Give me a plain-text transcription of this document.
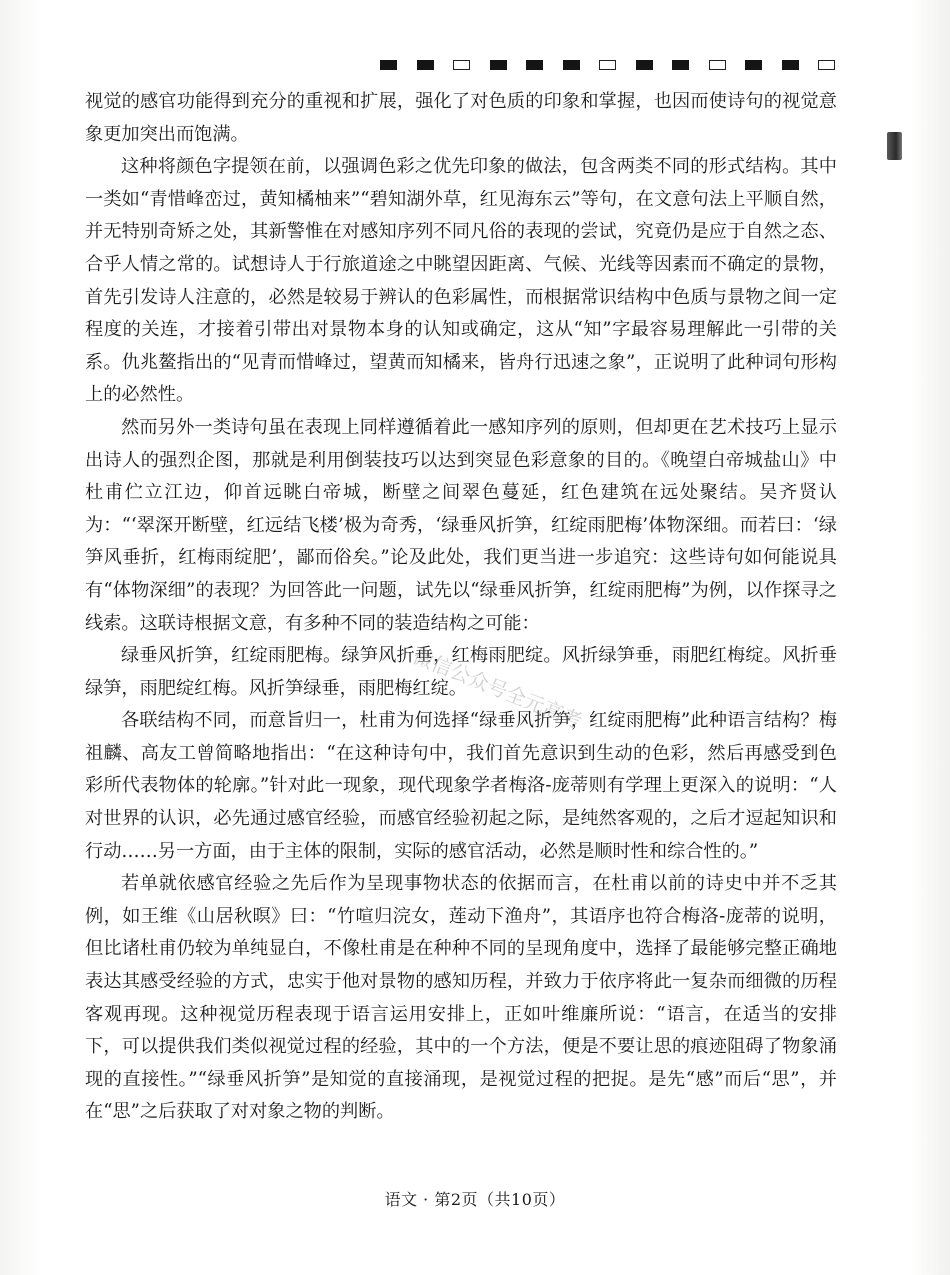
视觉的感官功能得到充分的重视和扩展，强化了对色质的印象和掌握，也因而使诗句的视觉意象更加突出而饱满。

这种将颜色字提领在前，以强调色彩之优先印象的做法，包含两类不同的形式结构。其中一类如“青惜峰峦过，黄知橘柚来”“碧知湖外草，红见海东云”等句，在文意句法上平顺自然，并无特别奇矫之处，其新警惟在对感知序列不同凡俗的表现的尝试，究竟仍是应于自然之态、合乎人情之常的。试想诗人于行旅道途之中眺望因距离、气候、光线等因素而不确定的景物，首先引发诗人注意的，必然是较易于辨认的色彩属性，而根据常识结构中色质与景物之间一定程度的关连，才接着引带出对景物本身的认知或确定，这从“知”字最容易理解此一引带的关系。仇兆鳌指出的“见青而惜峰过，望黄而知橘来，皆舟行迅速之象”，正说明了此种词句形构上的必然性。

然而另外一类诗句虽在表现上同样遵循着此一感知序列的原则，但却更在艺术技巧上显示出诗人的强烈企图，那就是利用倒装技巧以达到突显色彩意象的目的。《晚望白帝城盐山》中杜甫伫立江边，仰首远眺白帝城，断壁之间翠色蔓延，红色建筑在远处聚结。吴齐贤认为：“‘翠深开断壁，红远结飞楼’极为奇秀，‘绿垂风折笋，红绽雨肥梅’体物深细。而若曰：‘绿笋风垂折，红梅雨绽肥’，鄙而俗矣。”论及此处，我们更当进一步追究：这些诗句如何能说具有“体物深细”的表现？为回答此一问题，试先以“绿垂风折笋，红绽雨肥梅”为例，以作探寻之线索。这联诗根据文意，有多种不同的装造结构之可能：

绿垂风折笋，红绽雨肥梅。绿笋风折垂，红梅雨肥绽。风折绿笋垂，雨肥红梅绽。风折垂绿笋，雨肥绽红梅。风折笋绿垂，雨肥梅红绽。

各联结构不同，而意旨归一，杜甫为何选择“绿垂风折笋，红绽雨肥梅”此种语言结构？梅祖麟、高友工曾简略地指出：“在这种诗句中，我们首先意识到生动的色彩，然后再感受到色彩所代表物体的轮廓。”针对此一现象，现代现象学者梅洛-庞蒂则有学理上更深入的说明：“人对世界的认识，必先通过感官经验，而感官经验初起之际，是纯然客观的，之后才逗起知识和行动……另一方面，由于主体的限制，实际的感官活动，必然是顺时性和综合性的。”

若单就依感官经验之先后作为呈现事物状态的依据而言，在杜甫以前的诗史中并不乏其例，如王维《山居秋暝》曰：“竹喧归浣女，莲动下渔舟”，其语序也符合梅洛-庞蒂的说明，但比诸杜甫仍较为单纯显白，不像杜甫是在种种不同的呈现角度中，选择了最能够完整正确地表达其感受经验的方式，忠实于他对景物的感知历程，并致力于依序将此一复杂而细微的历程客观再现。这种视觉历程表现于语言运用安排上，正如叶维廉所说：“语言，在适当的安排下，可以提供我们类似视觉过程的经验，其中的一个方法，便是不要让思的痕迹阻碍了物象涌现的直接性。”“绿垂风折笋”是知觉的直接涌现，是视觉过程的把捉。是先“感”而后“思”，并在“思”之后获取了对对象之物的判断。

微信公众号全元高考
语文 · 第2页（共10页）
